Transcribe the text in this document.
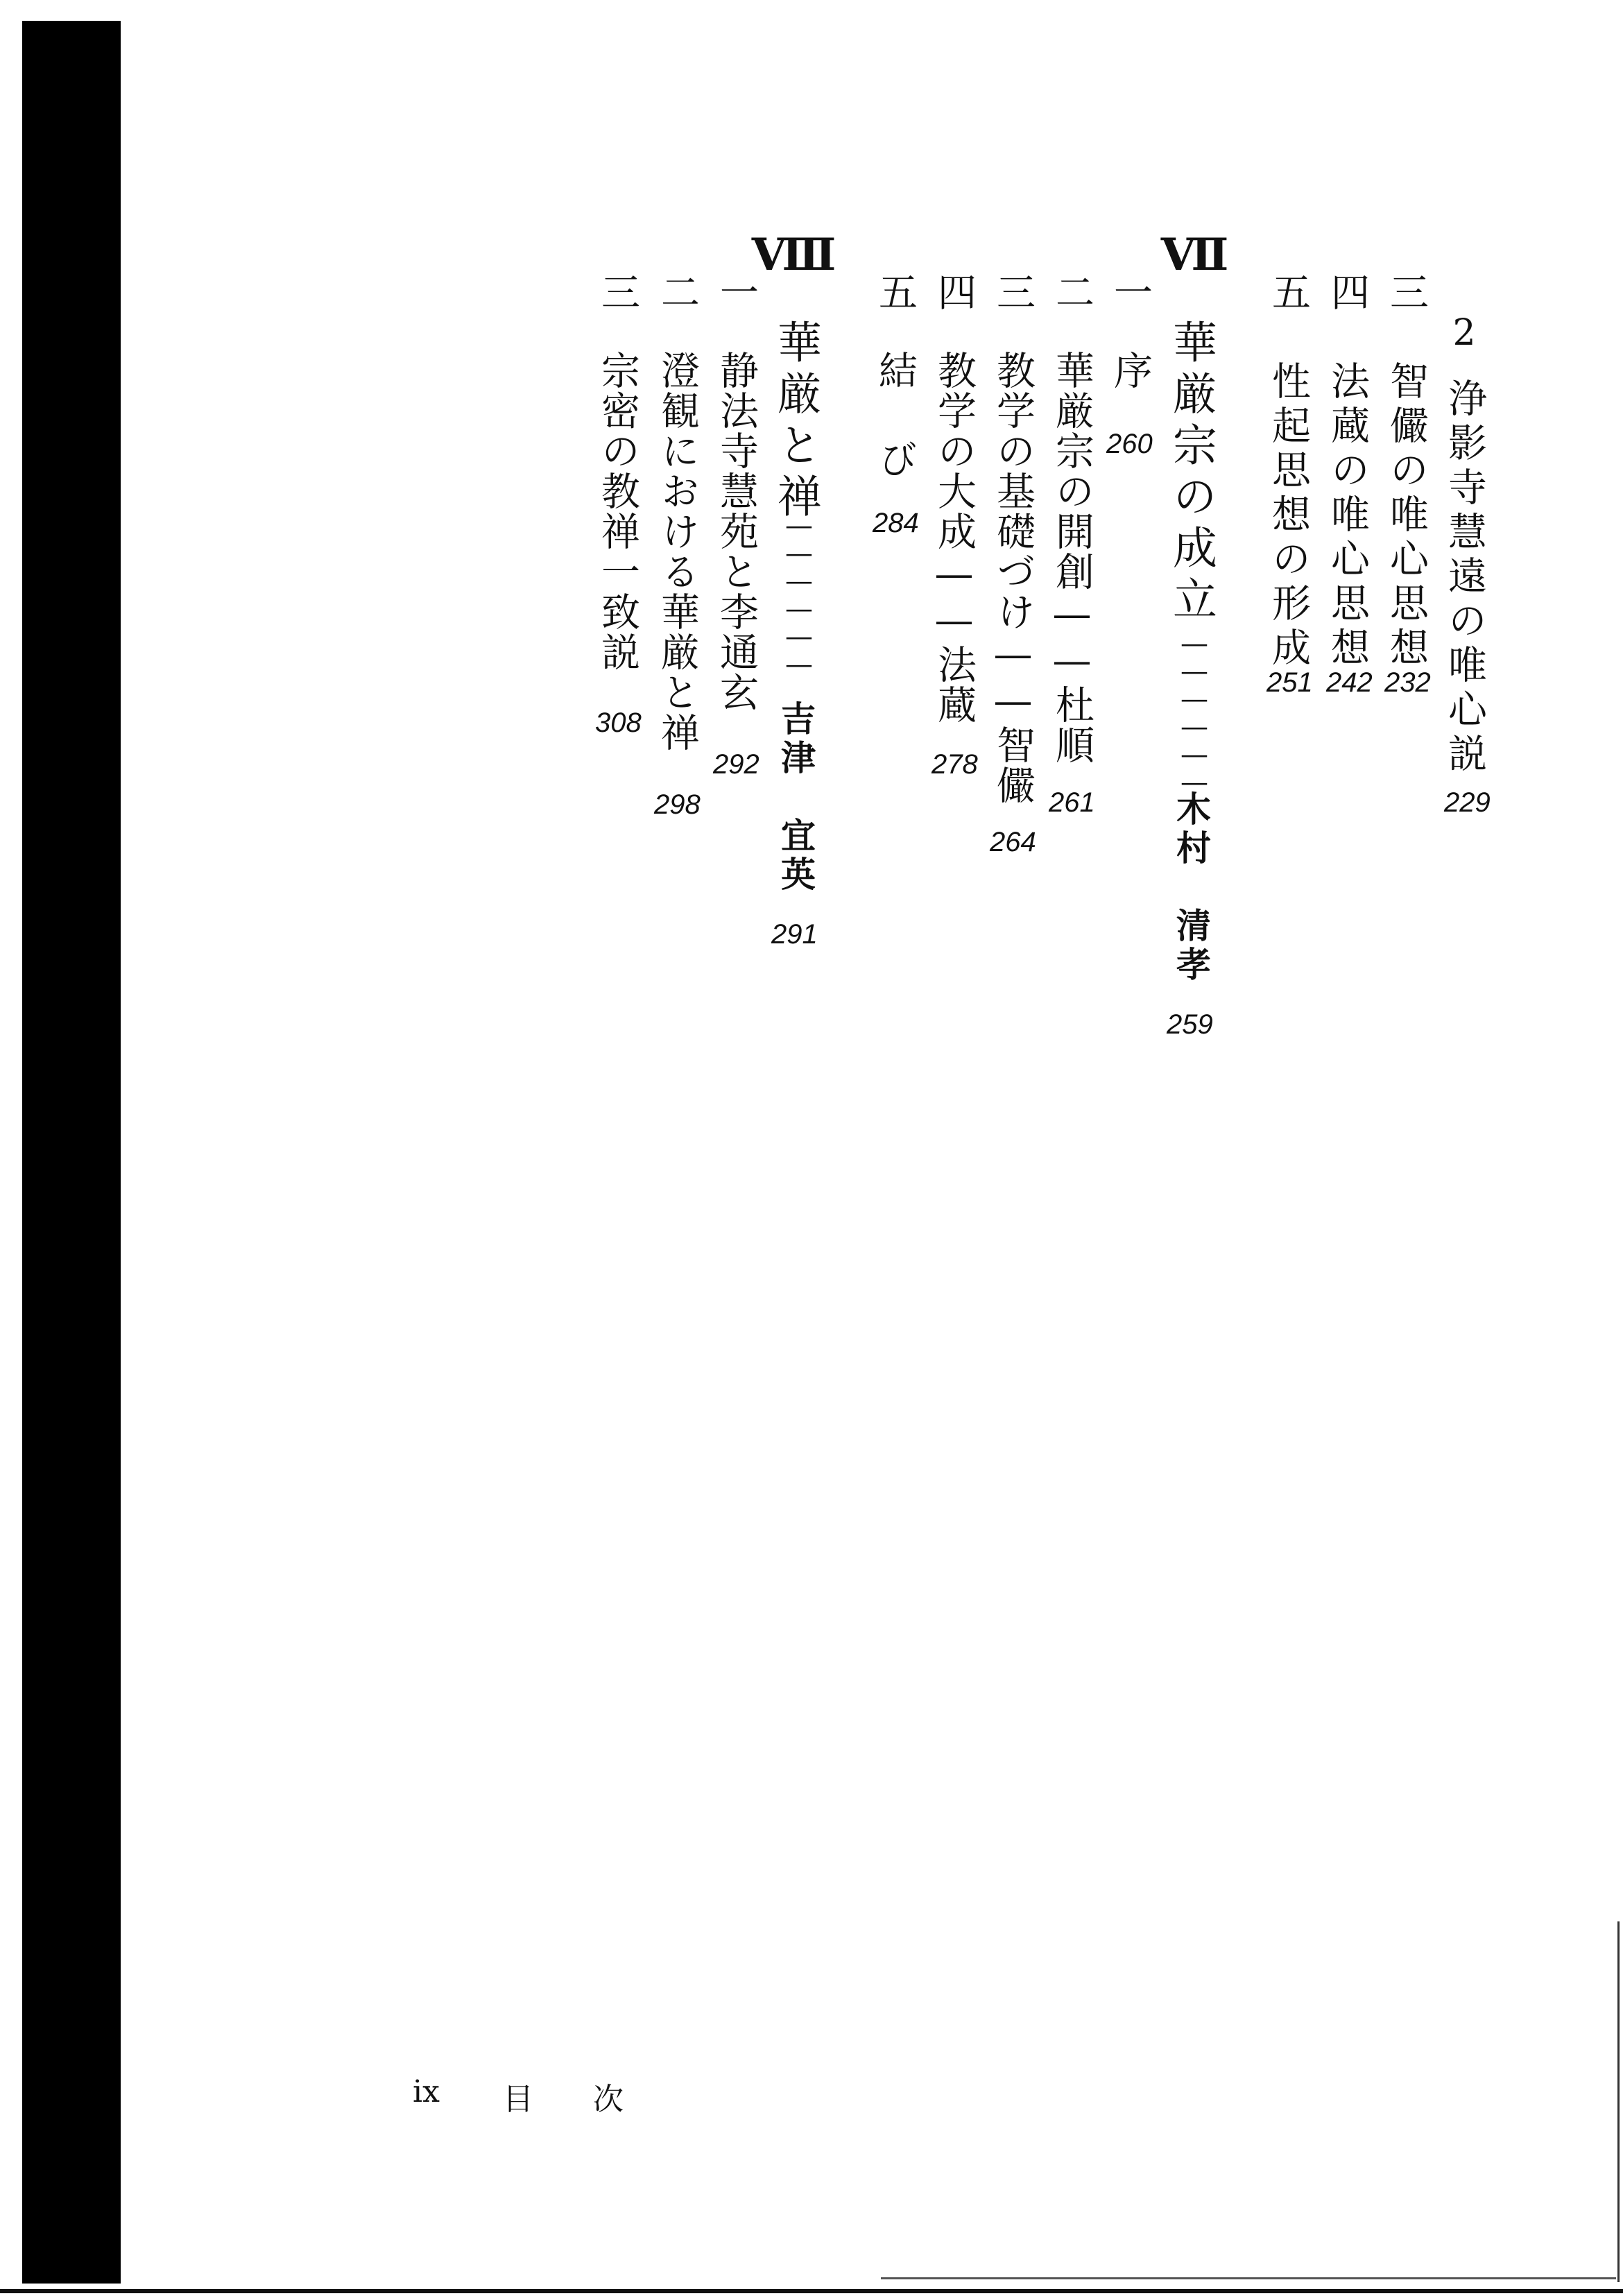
2
浄影寺慧遠の唯心説
229
三
智儼の唯心思想
232
四
法蔵の唯心思想
242
五
性起思想の形成
251
Ⅶ
華厳宗の成立
——————
木村　清孝
259
一
序
260
二
華厳宗の開創——杜順
261
三
教学の基礎づけ——智儼
264
四
教学の大成——法蔵
278
五
結　び
284
Ⅷ
華厳と禅
——————
吉津　宜英
291
一
静法寺慧苑と李通玄
292
二
澄観における華厳と禅
298
三
宗密の教禅一致説
308
ix 目 次
